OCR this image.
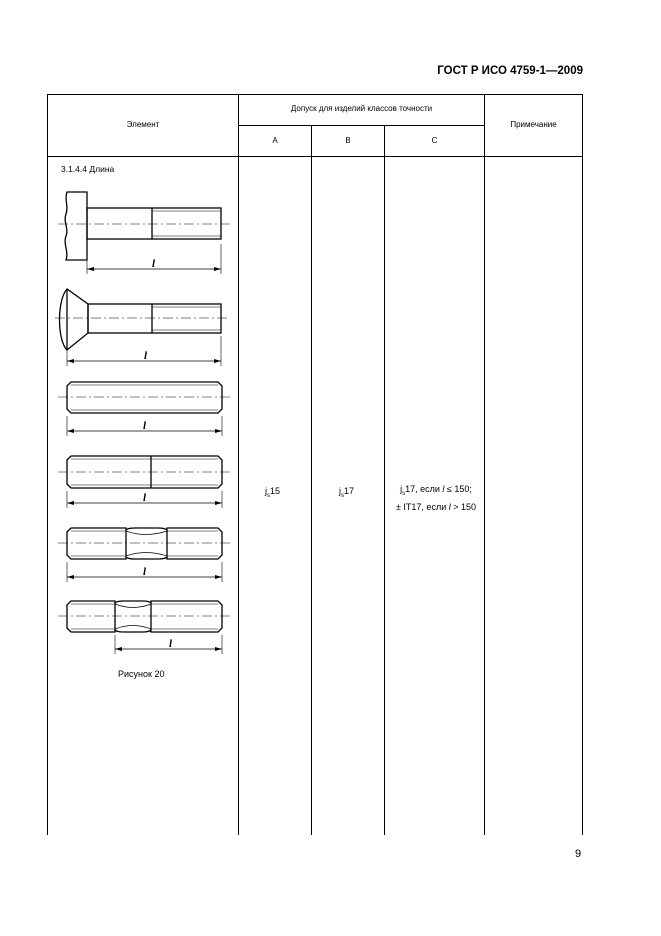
ГОСТ Р ИСО 4759-1—2009
Элемент
Допуск для изделий классов точности
А	В	С
Примечание
3.1.4.4 Длина
$j_s15$	$j_s17$	$j_s17$, если l ≤ 150;
± IT17, если l > 150
l
l
l
l
l
l
Рисунок 20
9
